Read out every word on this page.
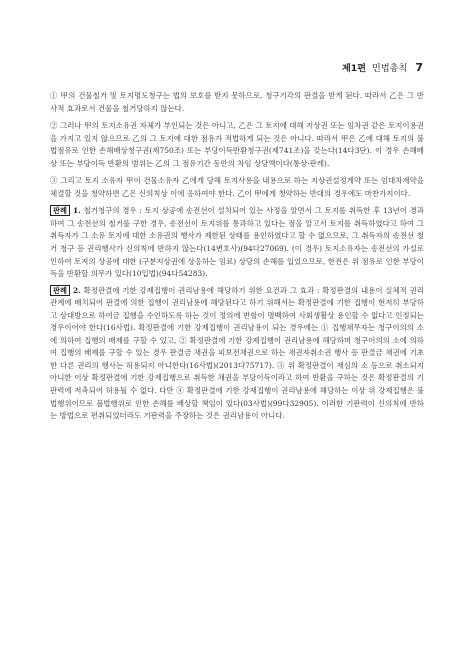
제1편 민법총칙 7

① 甲의 건물철거 및 토지명도청구는 법의 보호를 받지 못하므로, 청구기각의 판결을 받게 된다. 따라서 乙은 그 반사적 효과로서 건물을 철거당하지 않는다.

② 그러나 甲의 토지소유권 자체가 부인되는 것은 아니고, 乙은 그 토지에 대해 지상권 또는 임차권 같은 토지이용권을 가지고 있지 않으므로 乙의 그 토지에 대한 점유가 적법하게 되는 것은 아니다. 따라서 甲은 乙에 대해 토지의 불법점유로 인한 손해배상청구권(제750조) 또는 부당이득반환청구권(제741조)을 갖는다(14다3단). 이 경우 손해배상 또는 부당이득 반환의 범위는 乙의 그 점유기간 동안의 차임 상당액이다(통상·판례).

③ 그리고 토지 소유자 甲이 건물소유자 乙에게 당해 토지사용을 내용으로 하는 지상권설정계약 또는 임대차계약을 체결할 것을 청약하면 乙은 신의칙상 이에 응하여야 한다. 乙이 甲에게 청약하는 반대의 경우에도 마찬가지이다.

판례 1. 철거청구의 경우 : 토지 상공에 송전선이 설치되어 있는 사정을 알면서 그 토지를 취득한 후 13년이 경과하여 그 송전선의 철거를 구한 경우, 송전선이 토지위를 통과하고 있다는 점을 알고서 토지를 취득하였다고 하여 그 취득자가 그 소유 토지에 대한 소유권의 행사가 제한된 상태를 용인하였다고 할 수 없으므로, 그 취득자의 송전선 철거 청구 등 권리행사가 신의칙에 반하지 않는다(14변호사)(94다27069). (이 경우) 토지소유자는 송전선의 가설로 인하여 토지의 상공에 대한 (구분지상권에 상응하는 임료) 상당의 손해를 입었으므로, 한전은 위 점유로 인한 부당이득을 반환할 의무가 있다(10입법)(94다54283).

판례 2. 확정판결에 기한 강제집행이 권리남용에 해당하기 위한 요건과 그 효과 : 확정판결의 내용이 실체적 권리관계에 배치되어 판결에 의한 집행이 권리남용에 해당된다고 하기 위해서는 확정판결에 기한 집행이 현저히 부당하고 상대방으로 하여금 집행을 수인하도록 하는 것이 정의에 반함이 명백하여 사회생활상 용인할 수 없다고 인정되는 경우이어야 한다(16사법). 확정판결에 기한 강제집행이 권리남용이 되는 경우에는 ① 집행채무자는 청구이의의 소에 의하여 집행의 배제를 구할 수 있고, ② 확정판결에 기한 강제집행이 권리남용에 해당하며 청구이의의 소에 의하여 집행의 배제를 구할 수 있는 경우 판결금 채권을 피보전채권으로 하는 채권자취소권 행사 등 판결금 채권에 기초한 다른 권리의 행사는 허용되지 아니한다(16사법)(2013다75717). ③ 위 확정판결이 재심의 소 등으로 취소되지 아니한 이상 확정판결에 기한 강제집행으로 취득한 채권을 부당이득이라고 하여 반환을 구하는 것은 확정판결의 기판력에 저촉되어 허용될 수 없다. 다만 ④ 확정판결에 기한 강제집행이 권리남용에 해당하는 이상 위 강제집행은 불법행위이므로 불법행위로 인한 손해를 배상할 책임이 있다(03사법)(99다32905). 이러한 기판력이 신의칙에 반하는 방법으로 편취되었더라도 기판력을 주장하는 것은 권리남용이 아니다.
